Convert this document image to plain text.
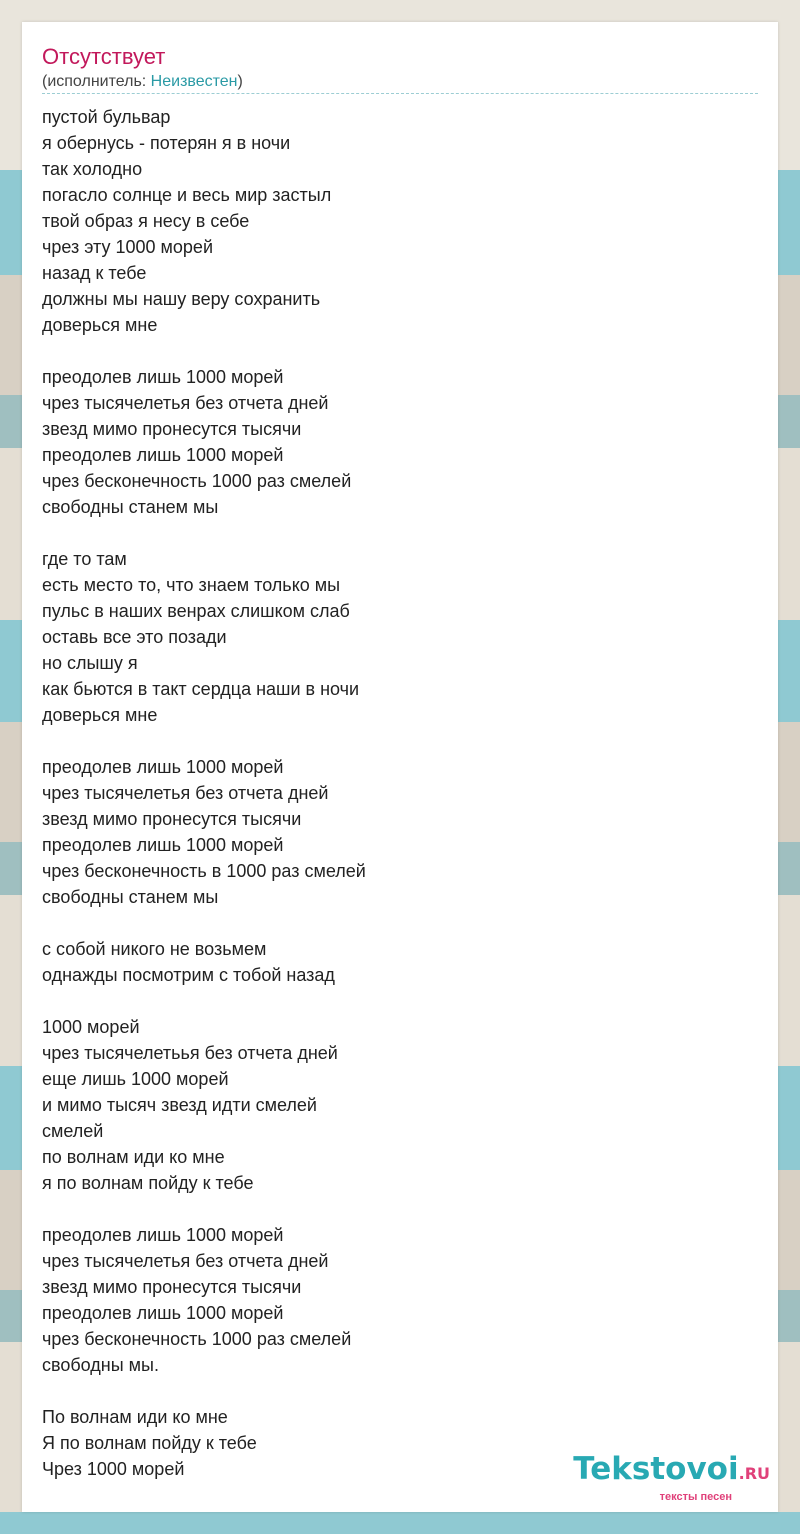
Отсутствует
(исполнитель: Неизвестен)
пустой бульвар
я обернусь - потерян я в ночи
так холодно
погасло солнце и весь мир застыл
твой образ я несу в себе
чрез эту 1000 морей
назад к тебе
должны мы нашу веру сохранить
доверься мне
преодолев лишь 1000 морей
чрез тысячелетья без отчета дней
звезд мимо пронесутся тысячи
преодолев лишь 1000 морей
чрез бесконечность 1000 раз смелей
свободны станем мы
где то там
есть место то, что знаем только мы
пульс в наших венрах слишком слаб
оставь все это позади
но слышу я
как бьются в такт сердца наши в ночи
доверься мне
преодолев лишь 1000 морей
чрез тысячелетья без отчета дней
звезд мимо пронесутся тысячи
преодолев лишь 1000 морей
чрез бесконечность в 1000 раз смелей
свободны станем мы
с собой никого не возьмем
однажды посмотрим с тобой назад
1000 морей
чрез тысячелетьья без отчета дней
еще лишь 1000 морей
и мимо тысяч звезд идти смелей
смелей
по волнам иди ко мне
я по волнам пойду к тебе
преодолев лишь 1000 морей
чрез тысячелетья без отчета дней
звезд мимо пронесутся тысячи
преодолев лишь 1000 морей
чрез бесконечность 1000 раз смелей
свободны мы.
По волнам иди ко мне
Я по волнам пойду к тебе
Чрез 1000 морей	Tekstovoi.RU
тексты песен
